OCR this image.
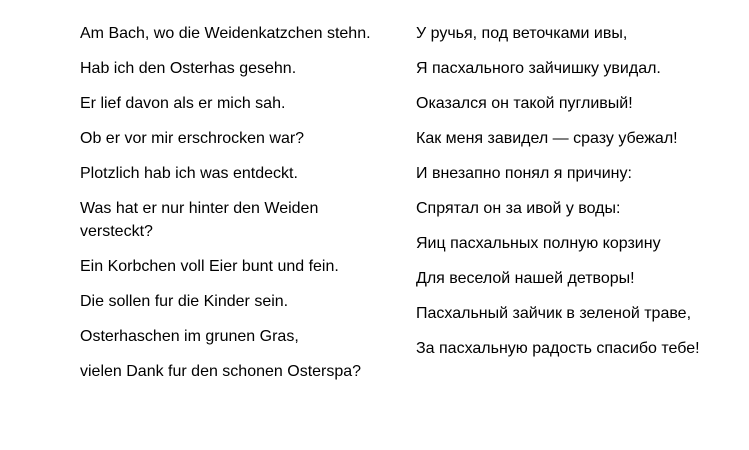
Am Bach, wo die Weidenkatzchen stehn.
Hab ich den Osterhas gesehn.
Er lief davon als er mich sah.
Ob er vor mir erschrocken war?
Plotzlich hab ich was entdeckt.
Was hat er nur hinter den Weiden versteckt?
Ein Korbchen voll Eier bunt und fein.
Die sollen fur die Kinder sein.
Osterhaschen im grunen Gras,
vielen Dank fur den schonen Osterspa?
У ручья, под веточками ивы,
Я пасхального зайчишку увидал.
Оказался он такой пугливый!
Как меня завидел — сразу убежал!
И внезапно понял я причину:
Спрятал он за ивой у воды:
Яиц пасхальных полную корзину
Для веселой нашей детворы!
Пасхальный зайчик в зеленой траве,
За пасхальную радость спасибо тебе!
